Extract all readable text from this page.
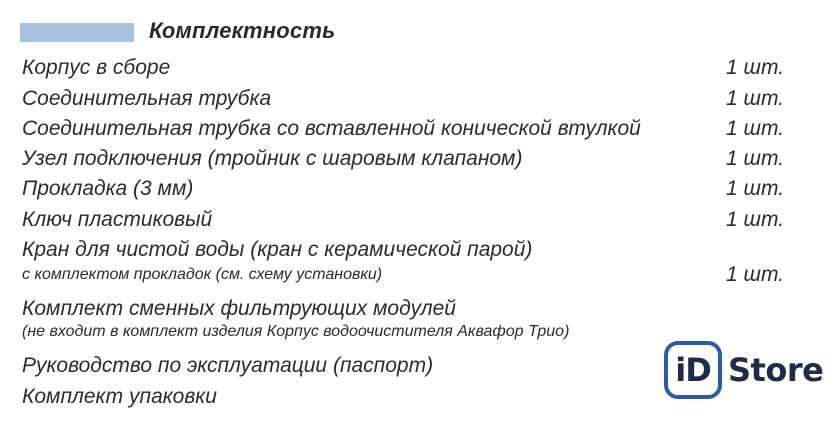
Комплектность
Корпус в сборе	1 шт.
Соединительная трубка	1 шт.
Соединительная трубка со вставленной конической втулкой	1 шт.
Узел подключения (тройник с шаровым клапаном)	1 шт.
Прокладка (3 мм)	1 шт.
Ключ пластиковый	1 шт.
Кран для чистой воды (кран с керамической парой)
с комплектом прокладок (см. схему установки)	1 шт.
Комплект сменных фильтрующих модулей
(не входит в комплект изделия Корпус водоочистителя Аквафор Трио)
Руководство по эксплуатации (паспорт)
Комплект упаковки
iD Store
